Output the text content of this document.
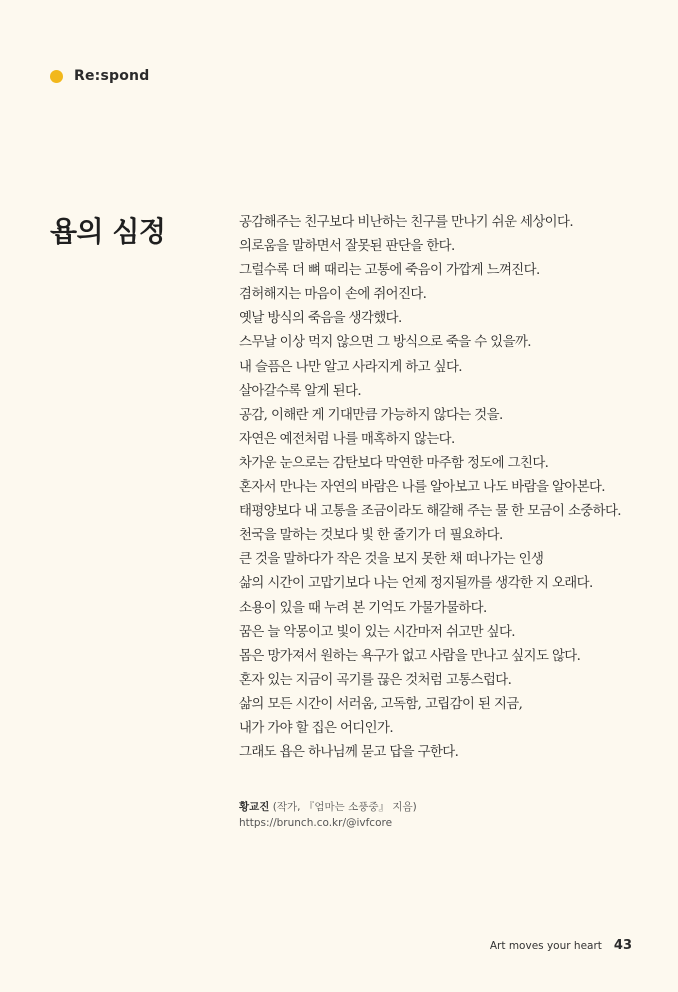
Re:spond
욥의 심정	공감해주는 친구보다 비난하는 친구를 만나기 쉬운 세상이다.
의로움을 말하면서 잘못된 판단을 한다.
그럴수록 더 뼈 때리는 고통에 죽음이 가깝게 느껴진다.
겸허해지는 마음이 손에 쥐어진다.
옛날 방식의 죽음을 생각했다.
스무날 이상 먹지 않으면 그 방식으로 죽을 수 있을까.
내 슬픔은 나만 알고 사라지게 하고 싶다.
살아갈수록 알게 된다.
공감, 이해란 게 기대만큼 가능하지 않다는 것을.
자연은 예전처럼 나를 매혹하지 않는다.
차가운 눈으로는 감탄보다 막연한 마주함 정도에 그친다.
혼자서 만나는 자연의 바람은 나를 알아보고 나도 바람을 알아본다.
태평양보다 내 고통을 조금이라도 해갈해 주는 물 한 모금이 소중하다.
천국을 말하는 것보다 빛 한 줄기가 더 필요하다.
큰 것을 말하다가 작은 것을 보지 못한 채 떠나가는 인생
삶의 시간이 고맙기보다 나는 언제 정지될까를 생각한 지 오래다.
소용이 있을 때 누려 본 기억도 가물가물하다.
꿈은 늘 악몽이고 빛이 있는 시간마저 쉬고만 싶다.
몸은 망가져서 원하는 욕구가 없고 사람을 만나고 싶지도 않다.
혼자 있는 지금이 곡기를 끊은 것처럼 고통스럽다.
삶의 모든 시간이 서러움, 고독함, 고립감이 된 지금,
내가 가야 할 집은 어디인가.
그래도 욥은 하나님께 묻고 답을 구한다.
황교진 (작가, 『엄마는 소풍중』 지음)
https://brunch.co.kr/@ivfcore
Art moves your heart 43
